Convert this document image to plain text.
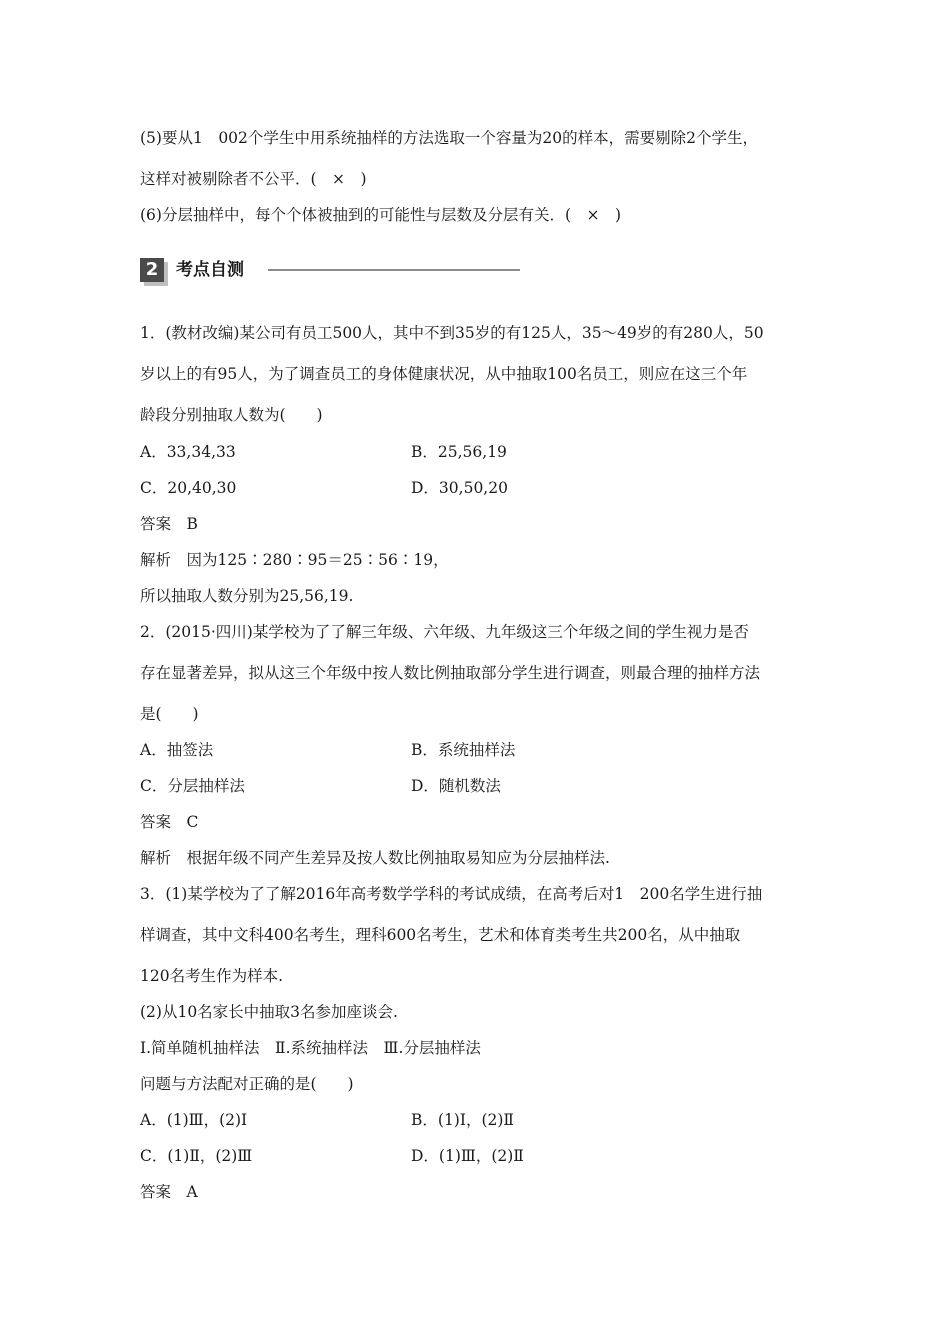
(5)要从1　002个学生中用系统抽样的方法选取一个容量为20的样本，需要剔除2个学生，
这样对被剔除者不公平．(　×　)
(6)分层抽样中，每个个体被抽到的可能性与层数及分层有关．(　×　)
2	考点自测
1．(教材改编)某公司有员工500人，其中不到35岁的有125人，35～49岁的有280人，50
岁以上的有95人，为了调查员工的身体健康状况，从中抽取100名员工，则应在这三个年
龄段分别抽取人数为(　　)
A．33,34,33	B．25,56,19
C．20,40,30	D．30,50,20
答案　B
解析　因为125∶280∶95＝25∶56∶19，
所以抽取人数分别为25,56,19.
2．(2015·四川)某学校为了了解三年级、六年级、九年级这三个年级之间的学生视力是否
存在显著差异，拟从这三个年级中按人数比例抽取部分学生进行调查，则最合理的抽样方法
是(　　)
A．抽签法	B．系统抽样法
C．分层抽样法	D．随机数法
答案　C
解析　根据年级不同产生差异及按人数比例抽取易知应为分层抽样法.
3．(1)某学校为了了解2016年高考数学学科的考试成绩，在高考后对1　200名学生进行抽
样调查，其中文科400名考生，理科600名考生，艺术和体育类考生共200名，从中抽取
120名考生作为样本.
(2)从10名家长中抽取3名参加座谈会.
Ⅰ.简单随机抽样法　Ⅱ.系统抽样法　Ⅲ.分层抽样法
问题与方法配对正确的是(　　)
A．(1)Ⅲ，(2)Ⅰ	B．(1)Ⅰ，(2)Ⅱ
C．(1)Ⅱ，(2)Ⅲ	D．(1)Ⅲ，(2)Ⅱ
答案　A
